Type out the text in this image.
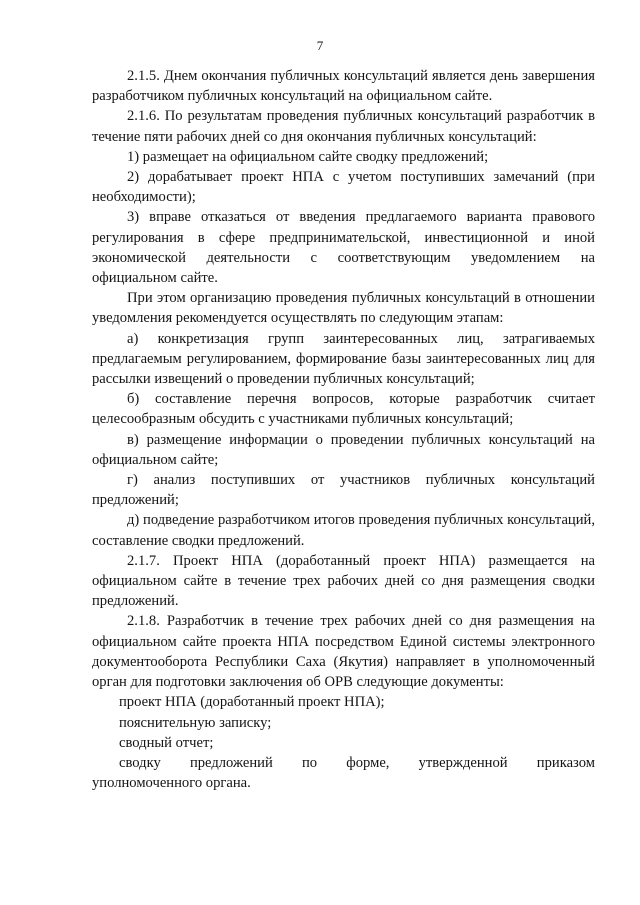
7

2.1.5. Днем окончания публичных консультаций является день завершения разработчиком публичных консультаций на официальном сайте.

2.1.6. По результатам проведения публичных консультаций разработчик в течение пяти рабочих дней со дня окончания публичных консультаций:

1) размещает на официальном сайте сводку предложений;

2) дорабатывает проект НПА с учетом поступивших замечаний (при необходимости);

3) вправе отказаться от введения предлагаемого варианта правового регулирования в сфере предпринимательской, инвестиционной и иной экономической деятельности с соответствующим уведомлением на официальном сайте.

При этом организацию проведения публичных консультаций в отношении уведомления рекомендуется осуществлять по следующим этапам:

а) конкретизация групп заинтересованных лиц, затрагиваемых предлагаемым регулированием, формирование базы заинтересованных лиц для рассылки извещений о проведении публичных консультаций;

б) составление перечня вопросов, которые разработчик считает целесообразным обсудить с участниками публичных консультаций;

в) размещение информации о проведении публичных консультаций на официальном сайте;

г) анализ поступивших от участников публичных консультаций предложений;

д) подведение разработчиком итогов проведения публичных консультаций, составление сводки предложений.

2.1.7. Проект НПА (доработанный проект НПА) размещается на официальном сайте в течение трех рабочих дней со дня размещения сводки предложений.

2.1.8. Разработчик в течение трех рабочих дней со дня размещения на официальном сайте проекта НПА посредством Единой системы электронного документооборота Республики Саха (Якутия) направляет в уполномоченный орган для подготовки заключения об ОРВ следующие документы:

проект НПА (доработанный проект НПА);

пояснительную записку;

сводный отчет;

сводку предложений по форме, утвержденной приказом

уполномоченного органа.
